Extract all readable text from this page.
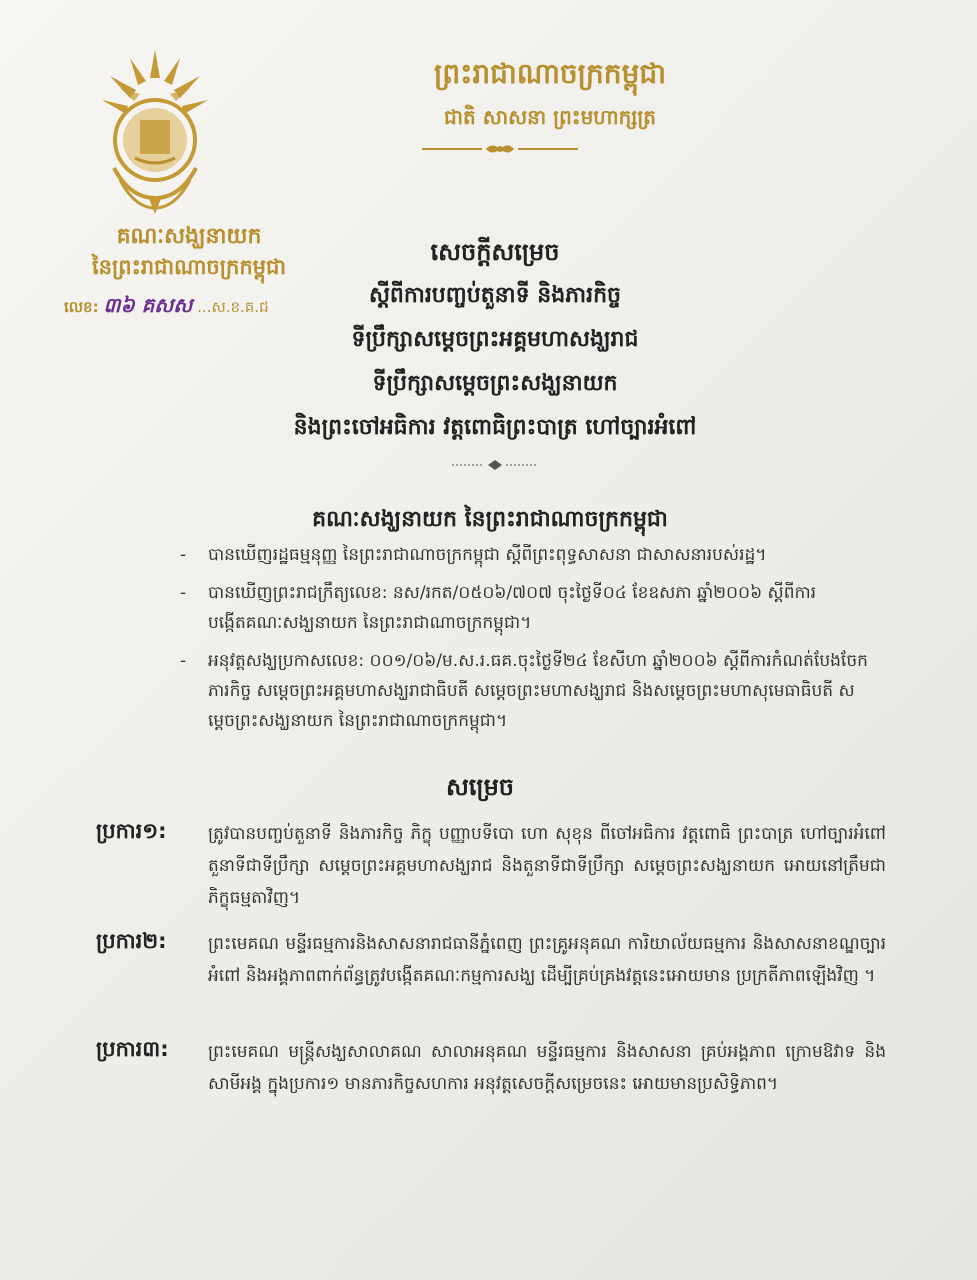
ព្រះរាជាណាចក្រកម្ពុជា
ជាតិ សាសនា ព្រះមហាក្សត្រ
គណៈសង្ឃនាយក
នៃព្រះរាជាណាចក្រកម្ពុជា
លេខ: ៣៦ គសស ...ស.ខ.គ.ជ
សេចក្តីសម្រេច
ស្តីពីការបញ្ចប់តួនាទី និងភារកិច្ច
ទីប្រឹក្សាសម្តេចព្រះអគ្គមហាសង្ឃរាជ
ទីប្រឹក្សាសម្តេចព្រះសង្ឃនាយក
និងព្រះចៅអធិការ វត្តពោធិព្រះបាត្រ ហៅច្បារអំពៅ
គណៈសង្ឃនាយក នៃព្រះរាជាណាចក្រកម្ពុជា
- បានឃើញរដ្ឋធម្មនុញ្ញ នៃព្រះរាជាណាចក្រកម្ពុជា ស្តីពីព្រះពុទ្ធសាសនា ជាសាសនារបស់រដ្ឋ។
- បានឃើញព្រះរាជក្រឹត្យលេខ: នស/រកត/០៥០៦/៧០៧ ចុះថ្ងៃទី០៤ ខែឧសភា ឆ្នាំ២០០៦ ស្តីពីការបង្កើតគណៈសង្ឃនាយក នៃព្រះរាជាណាចក្រកម្ពុជា។
- អនុវត្តសង្ឃប្រកាសលេខ: ០០១/០៦/ម.ស.រ.ធគ.ចុះថ្ងៃទី២៤ ខែសីហា ឆ្នាំ២០០៦ ស្តីពីការកំណត់បែងចែកភារកិច្ច សម្តេចព្រះអគ្គមហាសង្ឃរាជាធិបតី សម្តេចព្រះមហាសង្ឃរាជ និងសម្តេចព្រះមហាសុមេធាធិបតី សម្តេចព្រះសង្ឃនាយក នៃព្រះរាជាណាចក្រកម្ពុជា។
សម្រេច
ប្រការ១:	ត្រូវបានបញ្ចប់តួនាទី និងភារកិច្ច ភិក្ខុ បញ្ញាបទីបោ ហោ សុខុន ពីចៅអធិការ វត្តពោធិ ព្រះបាត្រ ហៅច្បារអំពៅ តួនាទីជាទីប្រឹក្សា សម្តេចព្រះអគ្គមហាសង្ឃរាជ និងតួនាទីជាទីប្រឹក្សា សម្តេចព្រះសង្ឃនាយក អោយនៅត្រឹមជា ភិក្ខុធម្មតាវិញ។
ប្រការ២:	ព្រះមេគណ មន្ទីរធម្មការនិងសាសនារាជធានីភ្នំពេញ ព្រះគ្រូអនុគណ ការិយាល័យធម្មការ និងសាសនាខណ្ឌច្បារអំពៅ និងអង្គភាពពាក់ព័ន្ធត្រូវបង្កើតគណៈកម្មការសង្ឃ ដើម្បីគ្រប់គ្រងវត្តនេះអោយមាន ប្រក្រតីភាពឡើងវិញ ។
ប្រការ៣:	ព្រះមេគណ មន្ត្រីសង្ឃសាលាគណ សាលាអនុគណ មន្ទីរធម្មការ និងសាសនា គ្រប់អង្គភាព ក្រោមឱវាទ និងសាមីអង្គ ក្នុងប្រការ១ មានភារកិច្ចសហការ អនុវត្តសេចក្តីសម្រេចនេះ អោយមានប្រសិទ្ធិភាព។
